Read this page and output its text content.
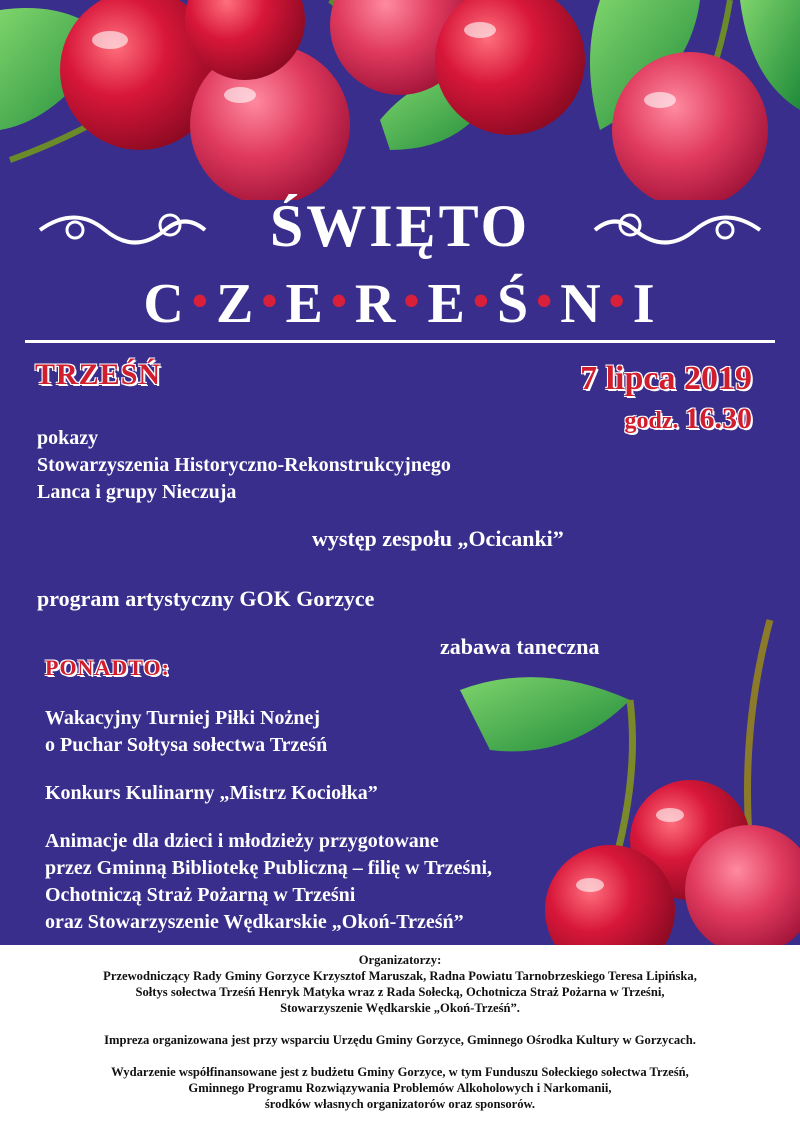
ŚWIĘTO
C • Z • E • R • E • Ś • N • I
TRZEŚŃ	7 lipca 2019
godz. 16.30
pokazy
Stowarzyszenia Historyczno-Rekonstrukcyjnego
Lanca i grupy Nieczuja
występ zespołu „Ocicanki”
program artystyczny GOK Gorzyce
zabawa taneczna
PONADTO:
Wakacyjny Turniej Piłki Nożnej
o Puchar Sołtysa sołectwa Trześń
Konkurs Kulinarny „Mistrz Kociołka”
Animacje dla dzieci i młodzieży przygotowane
przez Gminną Bibliotekę Publiczną – filię w Trześni,
Ochotniczą Straż Pożarną w Trześni
oraz Stowarzyszenie Wędkarskie „Okoń-Trześń”

Organizatorzy:

Przewodniczący Rady Gminy Gorzyce Krzysztof Maruszak, Radna Powiatu Tarnobrzeskiego Teresa Lipińska,

Sołtys sołectwa Trześń Henryk Matyka wraz z Rada Sołecką, Ochotnicza Straż Pożarna w Trześni,

Stowarzyszenie Wędkarskie „Okoń-Trześń”.

Impreza organizowana jest przy wsparciu Urzędu Gminy Gorzyce, Gminnego Ośrodka Kultury w Gorzycach.

Wydarzenie współfinansowane jest z budżetu Gminy Gorzyce, w tym Funduszu Sołeckiego sołectwa Trześń,

Gminnego Programu Rozwiązywania Problemów Alkoholowych i Narkomanii,

środków własnych organizatorów oraz sponsorów.
